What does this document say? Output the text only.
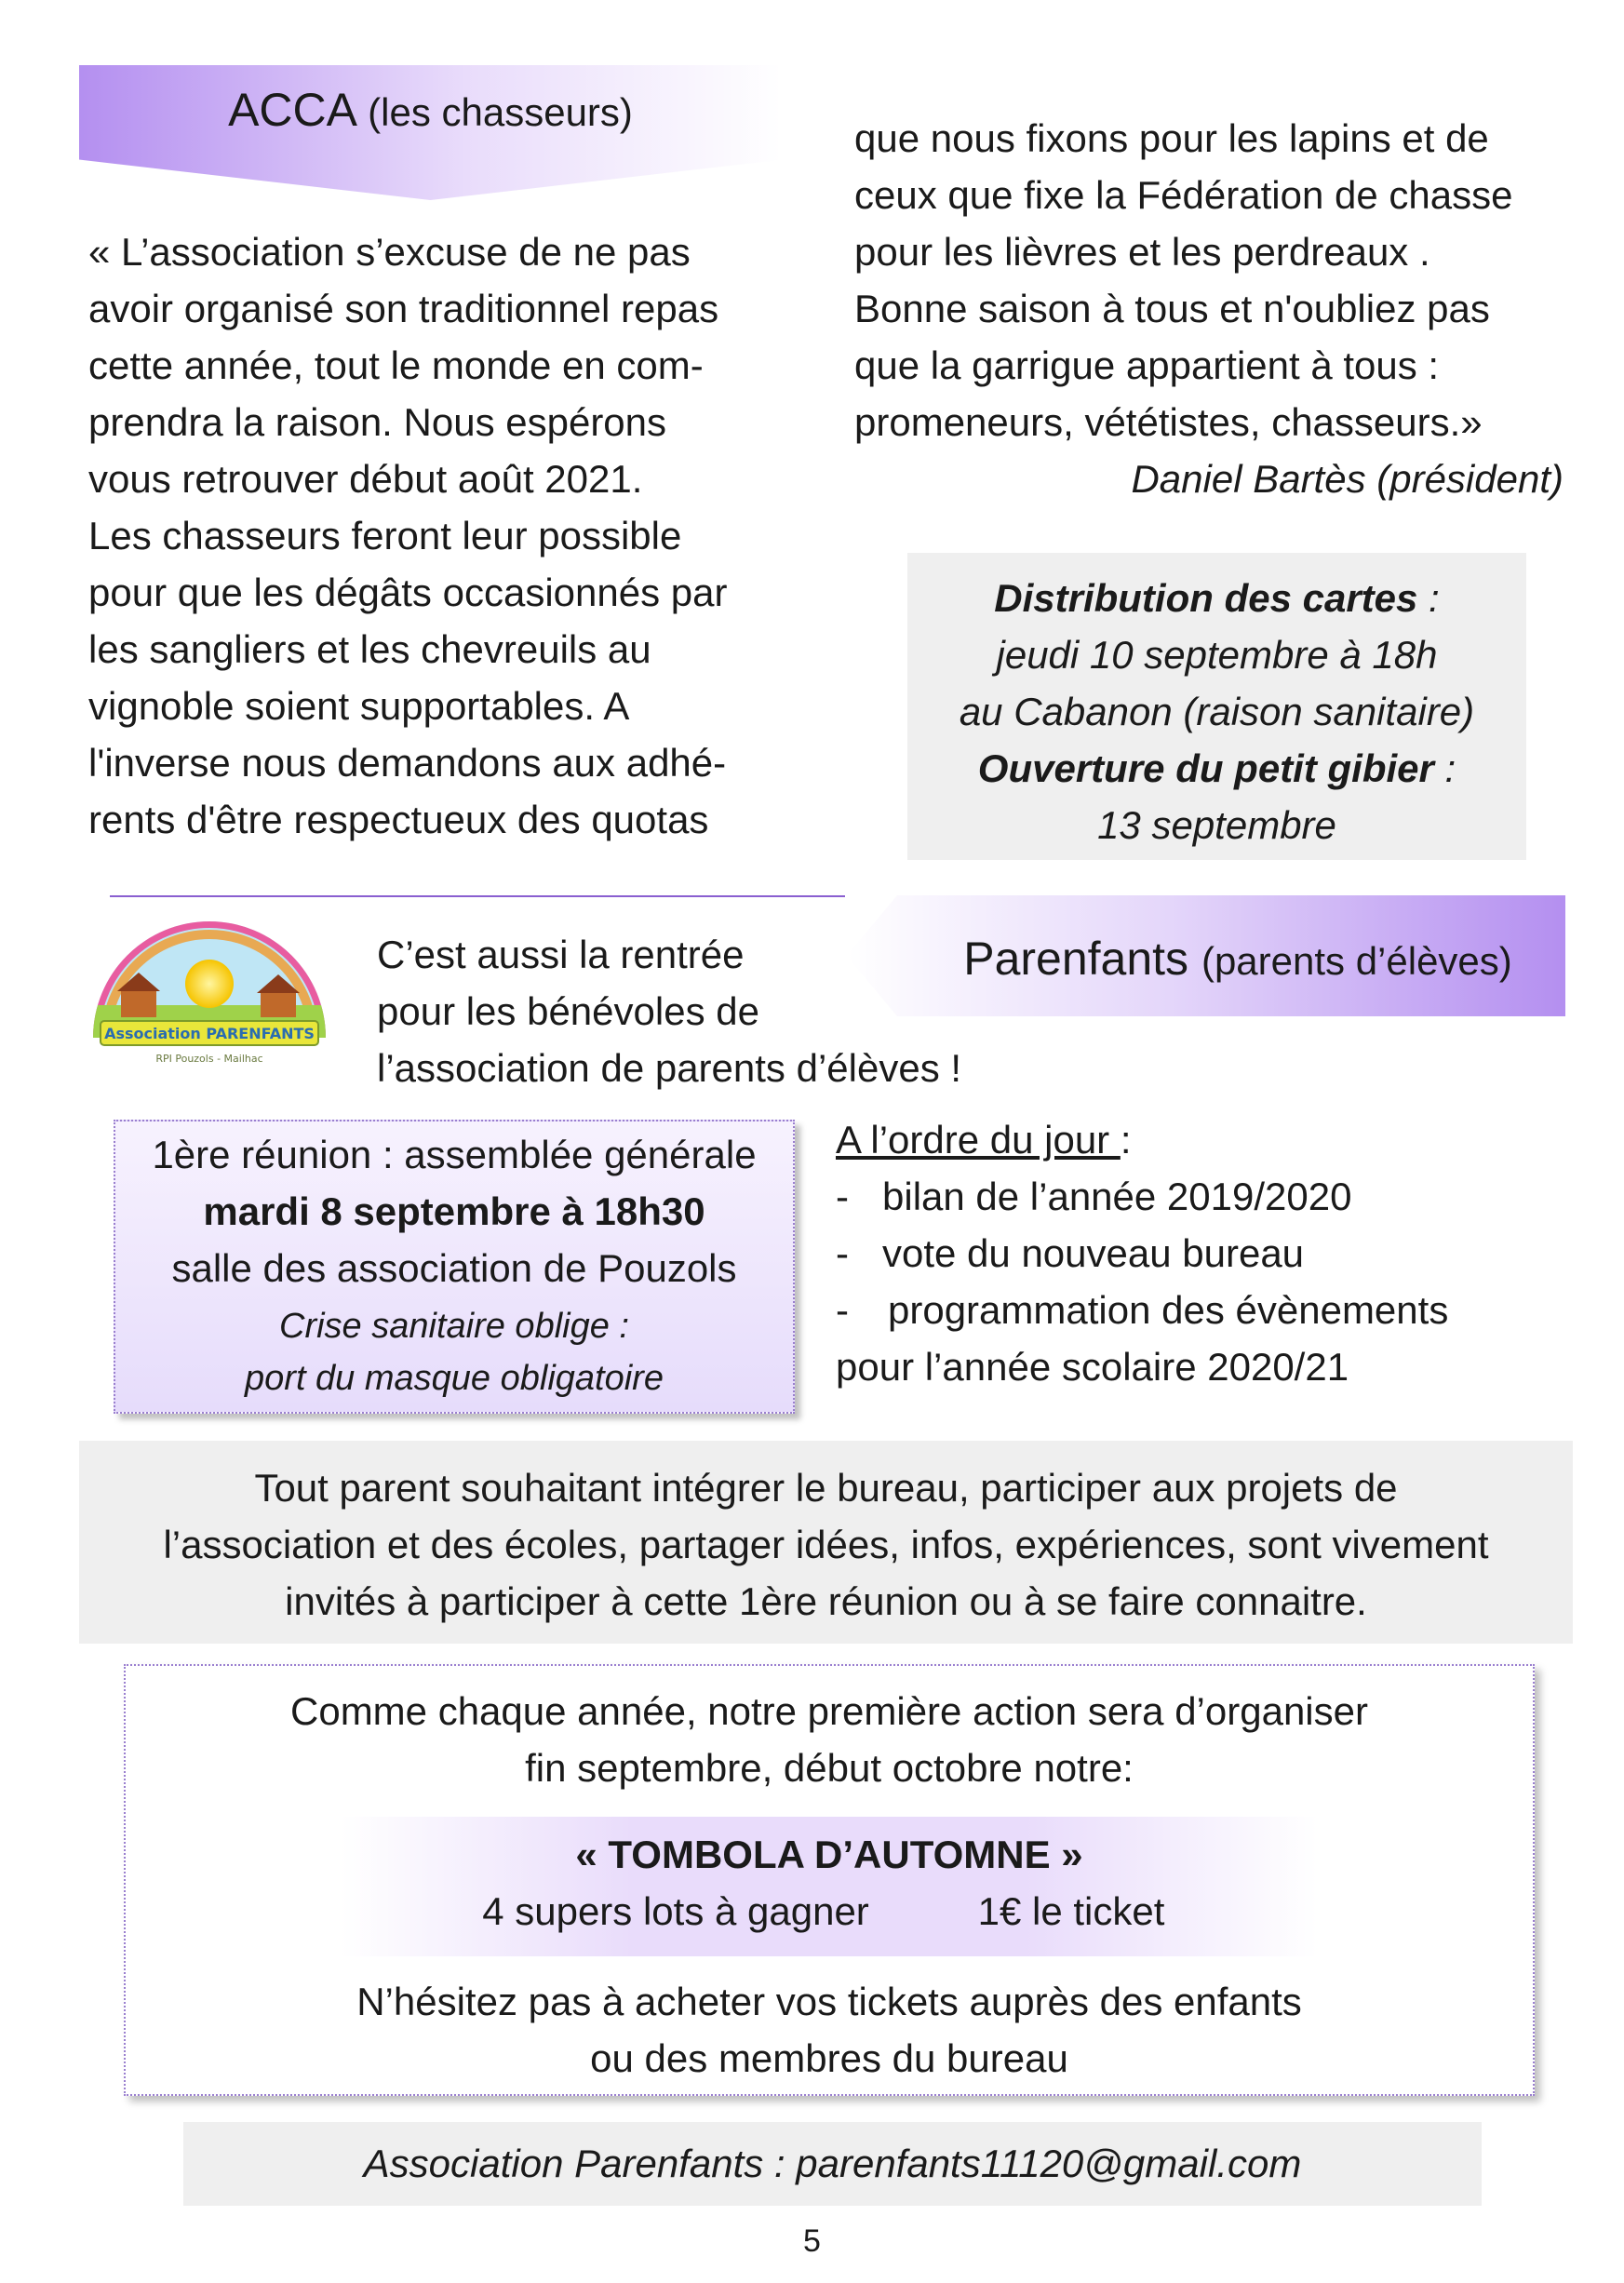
ACCA (les chasseurs)
« L’association s’excuse de ne pas
avoir organisé son traditionnel repas
cette année, tout le monde en com-
prendra la raison. Nous espérons
vous retrouver début août 2021.
Les chasseurs feront leur possible
pour que les dégâts occasionnés par
les sangliers et les chevreuils au
vignoble soient supportables. A
l'inverse nous demandons aux adhé-
rents d'être respectueux des quotas
que nous fixons pour les lapins et de
ceux que fixe la Fédération de chasse
pour les lièvres et les perdreaux .
Bonne saison à tous et n'oubliez pas
que la garrigue appartient à tous :
promeneurs, vététistes, chasseurs.»
Daniel Bartès (président)
Distribution des cartes :
jeudi 10 septembre à 18h
au Cabanon (raison sanitaire)
Ouverture du petit gibier :
13 septembre
Parenfants (parents d’élèves)
Association PARENFANTS
RPI Pouzols - Mailhac
C’est aussi la rentrée
pour les bénévoles de
l’association de parents d’élèves !
1ère réunion : assemblée générale
mardi 8 septembre à 18h30
salle des association de Pouzols
Crise sanitaire oblige :
port du masque obligatoire
A l’ordre du jour :
- bilan de l’année 2019/2020
- vote du nouveau bureau
-	programmation des évènements
pour l’année scolaire 2020/21
Tout parent souhaitant intégrer le bureau, participer aux projets de
l’association et des écoles, partager idées, infos, expériences, sont vivement
invités à participer à cette 1ère réunion ou à se faire connaitre.
Comme chaque année, notre première action sera d’organiser
fin septembre, début octobre notre:
« TOMBOLA D’AUTOMNE »
4 supers lots à gagner	1€ le ticket
N’hésitez pas à acheter vos tickets auprès des enfants
ou des membres du bureau
Association Parenfants : parenfants11120@gmail.com
5
